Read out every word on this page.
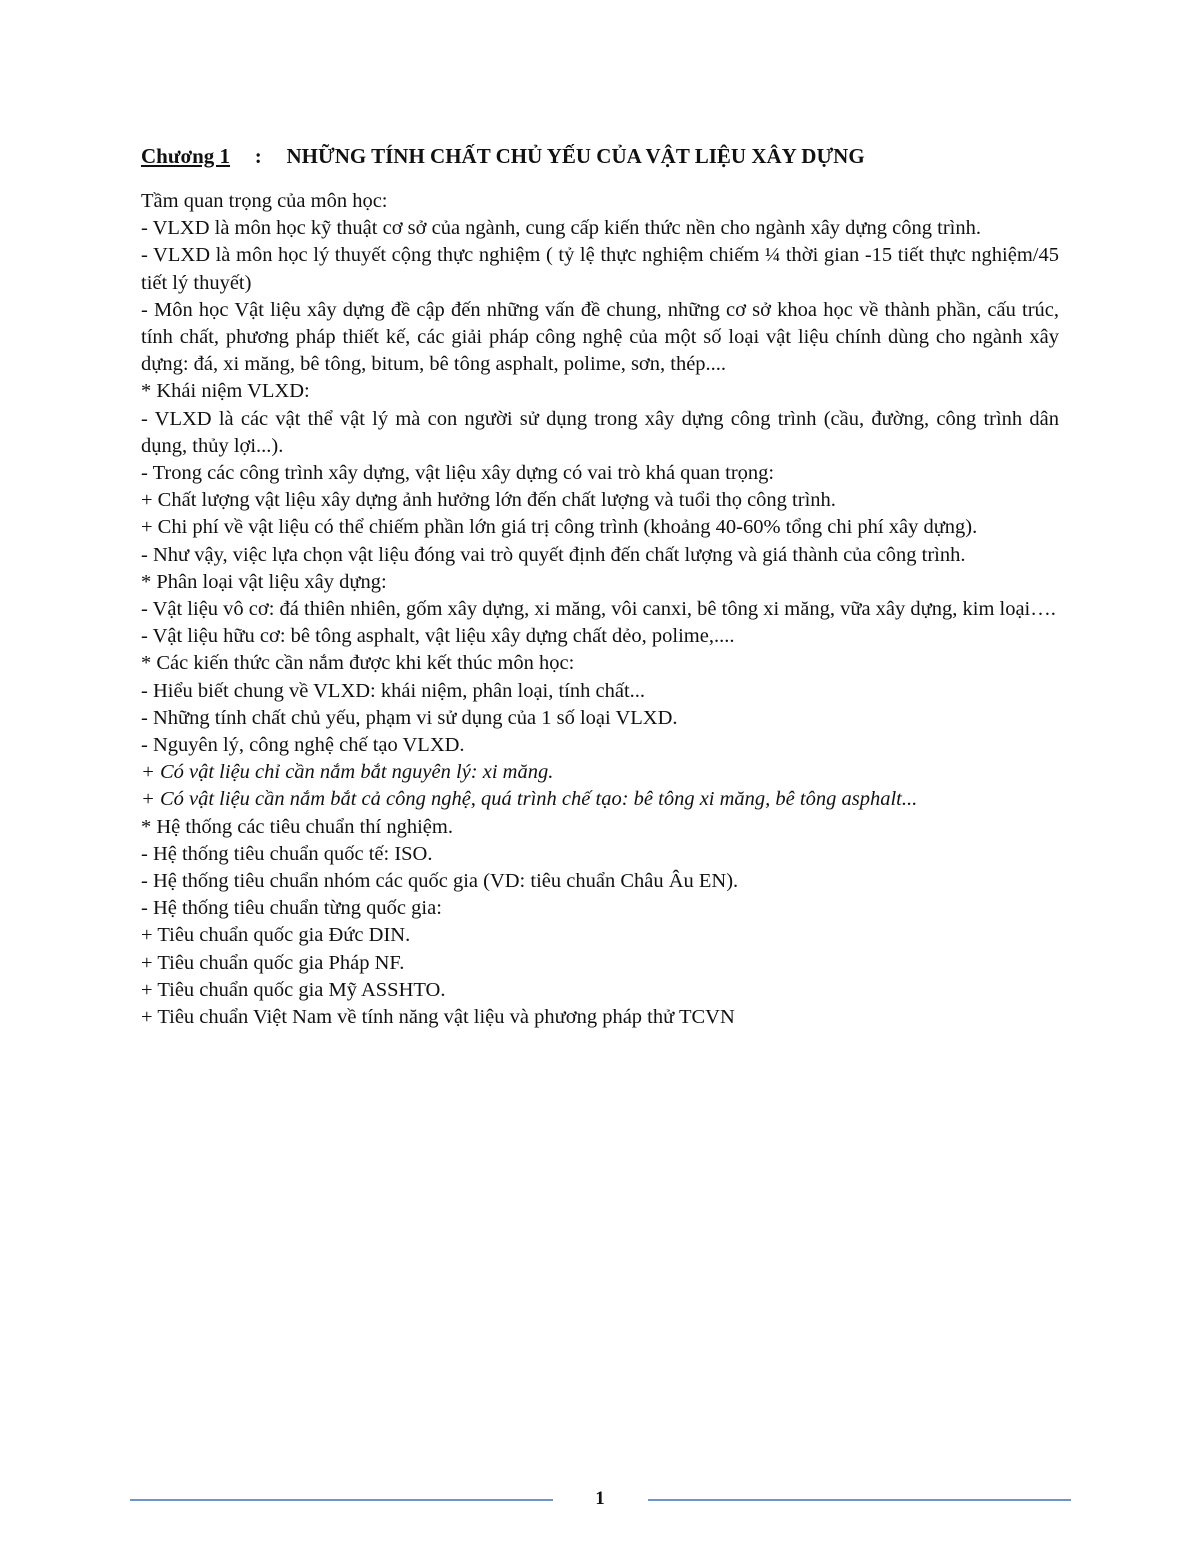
Chương 1 : NHỮNG TÍNH CHẤT CHỦ YẾU CỦA VẬT LIỆU XÂY DỰNG

Tầm quan trọng của môn học:

- VLXD là môn học kỹ thuật cơ sở của ngành, cung cấp kiến thức nền cho ngành xây dựng công trình.

- VLXD là môn học lý thuyết cộng thực nghiệm ( tỷ lệ thực nghiệm chiếm ¼ thời gian -15 tiết thực nghiệm/45 tiết lý thuyết)

- Môn học Vật liệu xây dựng đề cập đến những vấn đề chung, những cơ sở khoa học về thành phần, cấu trúc, tính chất, phương pháp thiết kế, các giải pháp công nghệ của một số loại vật liệu chính dùng cho ngành xây dựng: đá, xi măng, bê tông, bitum, bê tông asphalt, polime, sơn, thép....

* Khái niệm VLXD:

- VLXD là các vật thể vật lý mà con người sử dụng trong xây dựng công trình (cầu, đường, công trình dân dụng, thủy lợi...).

- Trong các công trình xây dựng, vật liệu xây dựng có vai trò khá quan trọng:

+ Chất lượng vật liệu xây dựng ảnh hưởng lớn đến chất lượng và tuổi thọ công trình.

+ Chi phí về vật liệu có thể chiếm phần lớn giá trị công trình (khoảng 40-60% tổng chi phí xây dựng).

- Như vậy, việc lựa chọn vật liệu đóng vai trò quyết định đến chất lượng và giá thành của công trình.

* Phân loại vật liệu xây dựng:

- Vật liệu vô cơ: đá thiên nhiên, gốm xây dựng, xi măng, vôi canxi, bê tông xi măng, vữa xây dựng, kim loại….

- Vật liệu hữu cơ: bê tông asphalt, vật liệu xây dựng chất dẻo, polime,....

* Các kiến thức cần nắm được khi kết thúc môn học:

- Hiểu biết chung về VLXD: khái niệm, phân loại, tính chất...

- Những tính chất chủ yếu, phạm vi sử dụng của 1 số loại VLXD.

- Nguyên lý, công nghệ chế tạo VLXD.

+ Có vật liệu chỉ cần nắm bắt nguyên lý: xi măng.

+ Có vật liệu cần nắm bắt cả công nghệ, quá trình chế tạo: bê tông xi măng, bê tông asphalt...

* Hệ thống các tiêu chuẩn thí nghiệm.

- Hệ thống tiêu chuẩn quốc tế: ISO.

- Hệ thống tiêu chuẩn nhóm các quốc gia (VD: tiêu chuẩn Châu Âu EN).

- Hệ thống tiêu chuẩn từng quốc gia:

+ Tiêu chuẩn quốc gia Đức DIN.

+ Tiêu chuẩn quốc gia Pháp NF.

+ Tiêu chuẩn quốc gia Mỹ ASSHTO.

+ Tiêu chuẩn Việt Nam về tính năng vật liệu và phương pháp thử TCVN

1
